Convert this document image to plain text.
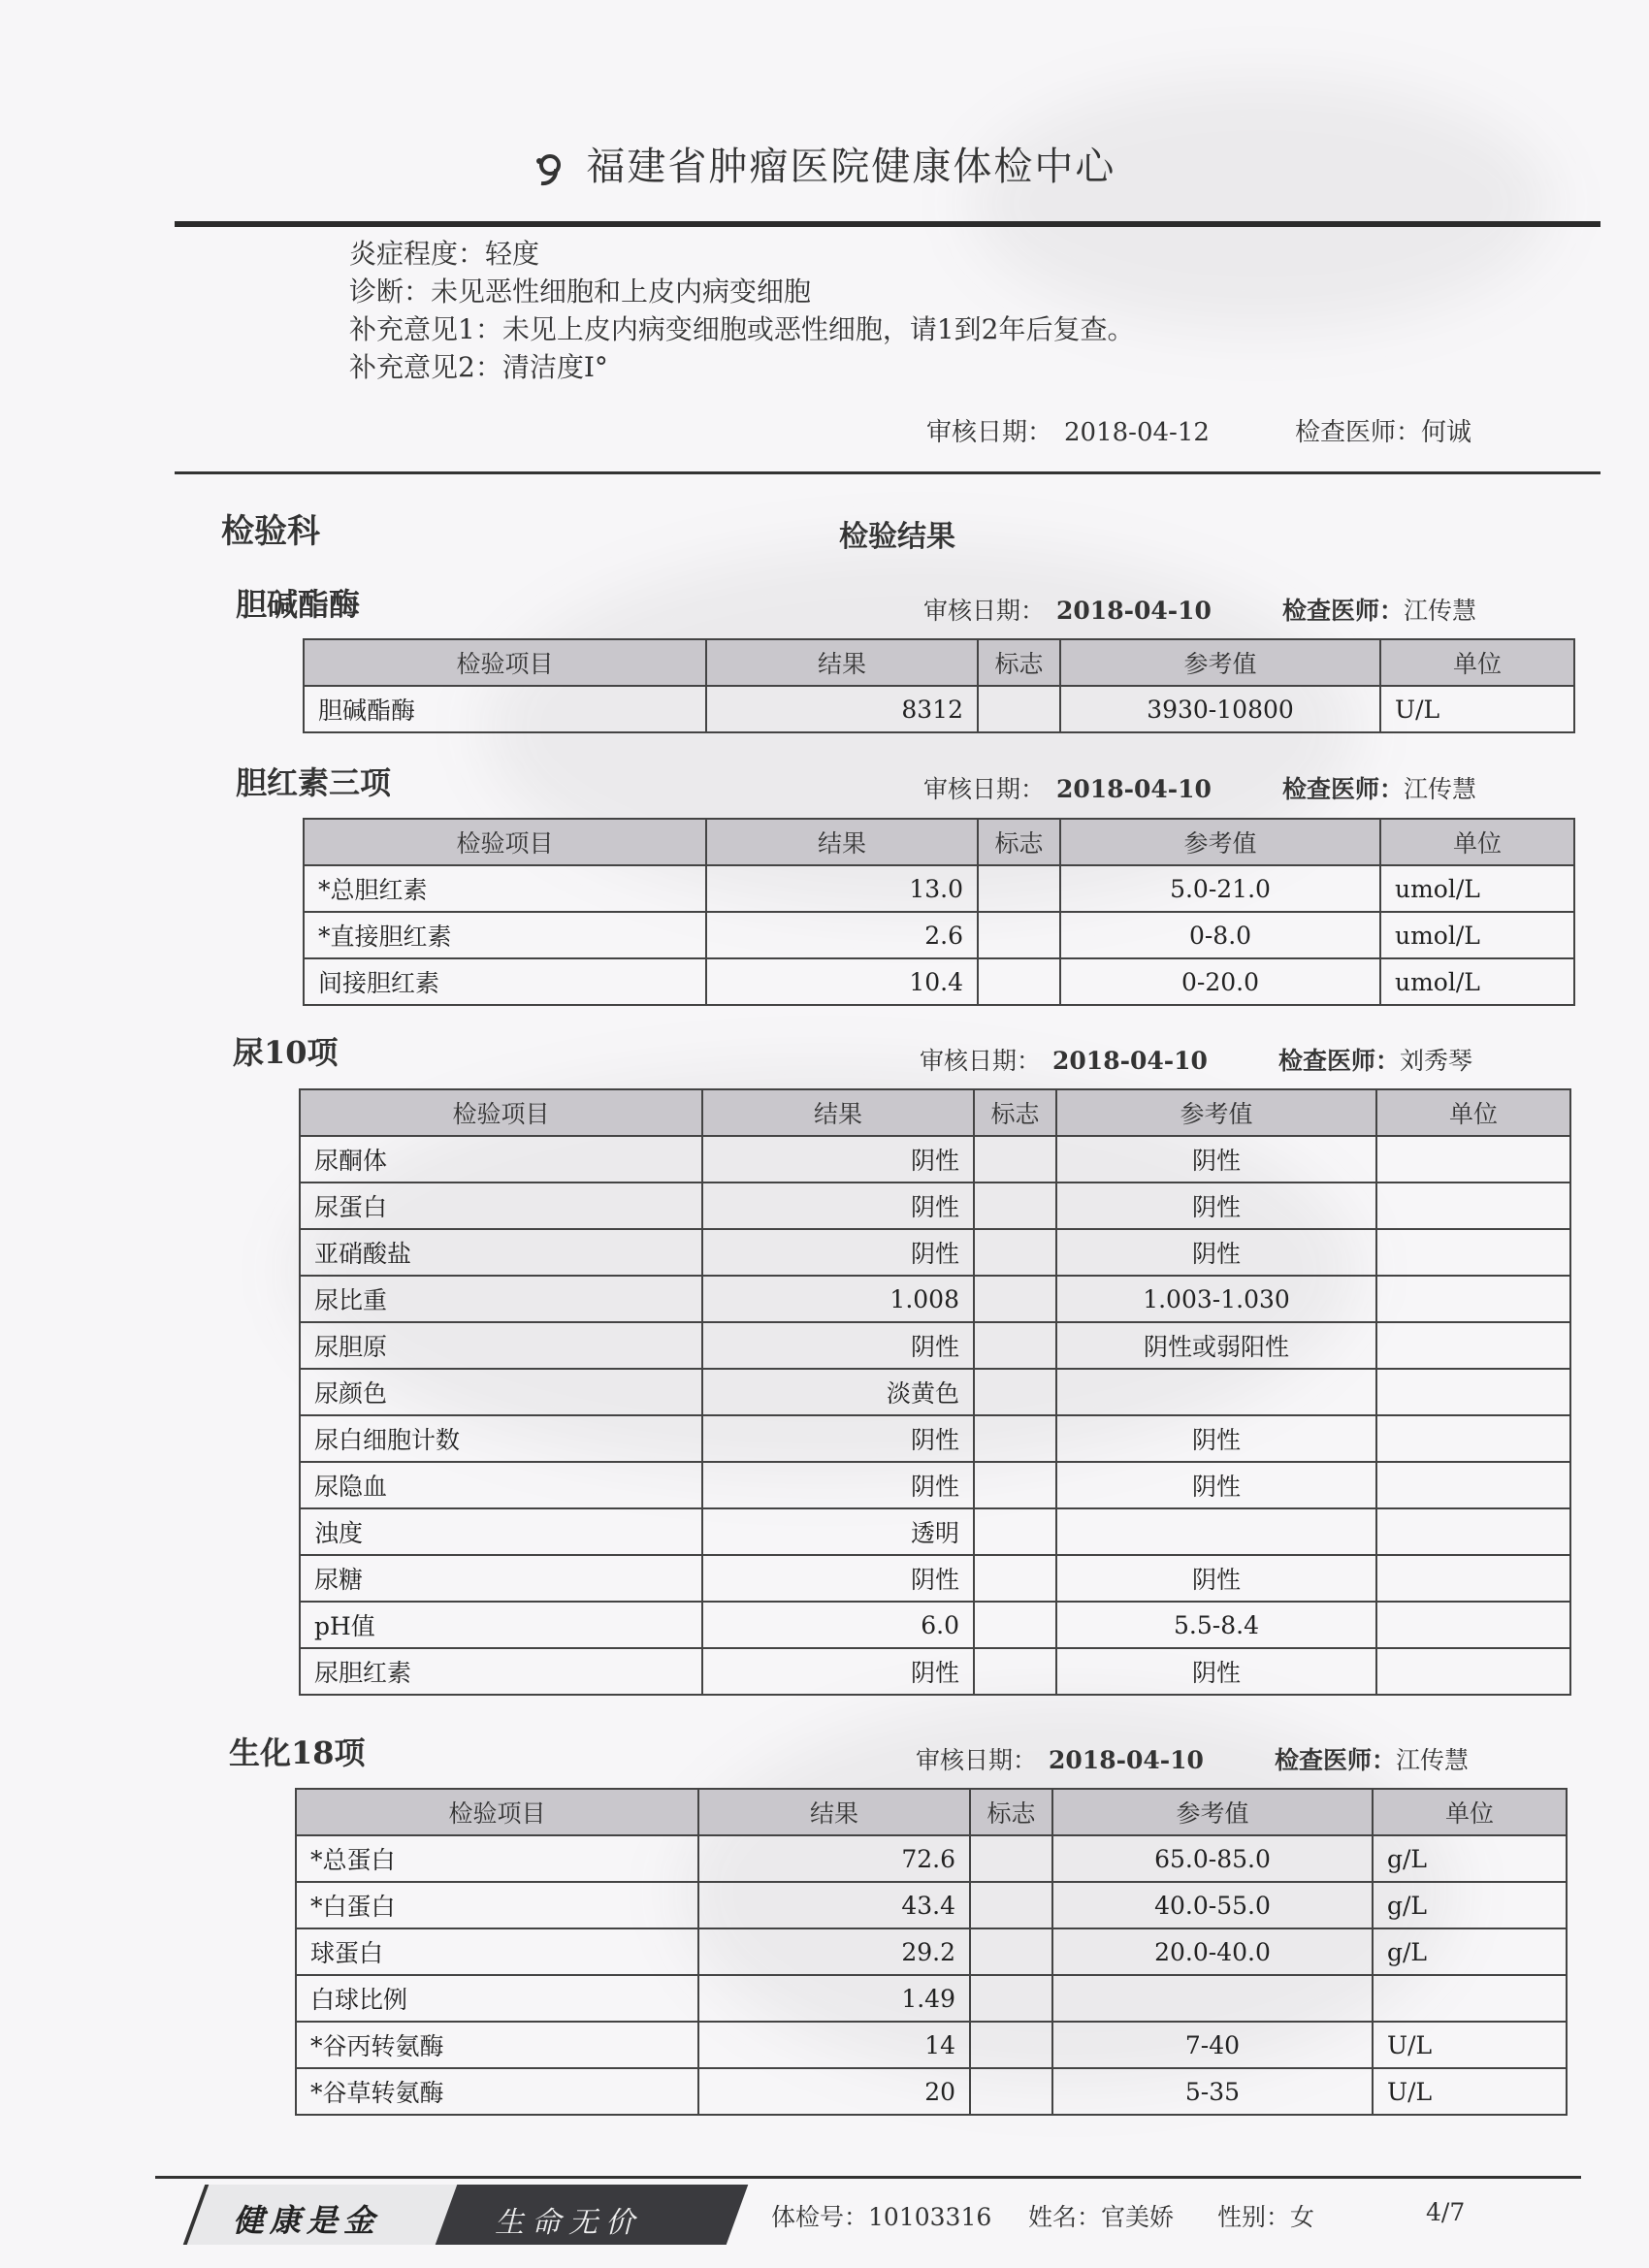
福建省肿瘤医院健康体检中心
炎症程度：轻度
诊断：未见恶性细胞和上皮内病变细胞
补充意见1：未见上皮内病变细胞或恶性细胞，请1到2年后复查。
补充意见2：清洁度Ⅰ°
审核日期： 2018-04-12	检查医师：何诚
检验科	检验结果
胆碱酯酶	审核日期： 2018-04-10	检查医师：江传慧
检验项目	结果	标志	参考值	单位
胆碱酯酶	8312		3930-10800	U/L
胆红素三项	审核日期： 2018-04-10	检查医师：江传慧
检验项目	结果	标志	参考值	单位
*总胆红素	13.0		5.0-21.0	umol/L
*直接胆红素	2.6		0-8.0	umol/L
间接胆红素	10.4		0-20.0	umol/L
尿10项	审核日期： 2018-04-10	检查医师：刘秀琴
检验项目	结果	标志	参考值	单位
尿酮体	阴性		阴性	
尿蛋白	阴性		阴性	
亚硝酸盐	阴性		阴性	
尿比重	1.008		1.003-1.030	
尿胆原	阴性		阴性或弱阳性	
尿颜色	淡黄色			
尿白细胞计数	阴性		阴性	
尿隐血	阴性		阴性	
浊度	透明			
尿糖	阴性		阴性	
pH值	6.0		5.5-8.4	
尿胆红素	阴性		阴性	
生化18项	审核日期： 2018-04-10	检查医师：江传慧
检验项目	结果	标志	参考值	单位
*总蛋白	72.6		65.0-85.0	g/L
*白蛋白	43.4		40.0-55.0	g/L
球蛋白	29.2		20.0-40.0	g/L
白球比例	1.49			
*谷丙转氨酶	14		7-40	U/L
*谷草转氨酶	20		5-35	U/L
健康是金	生命无价	体检号：10103316 姓名：官美娇 性别：女	4/7
